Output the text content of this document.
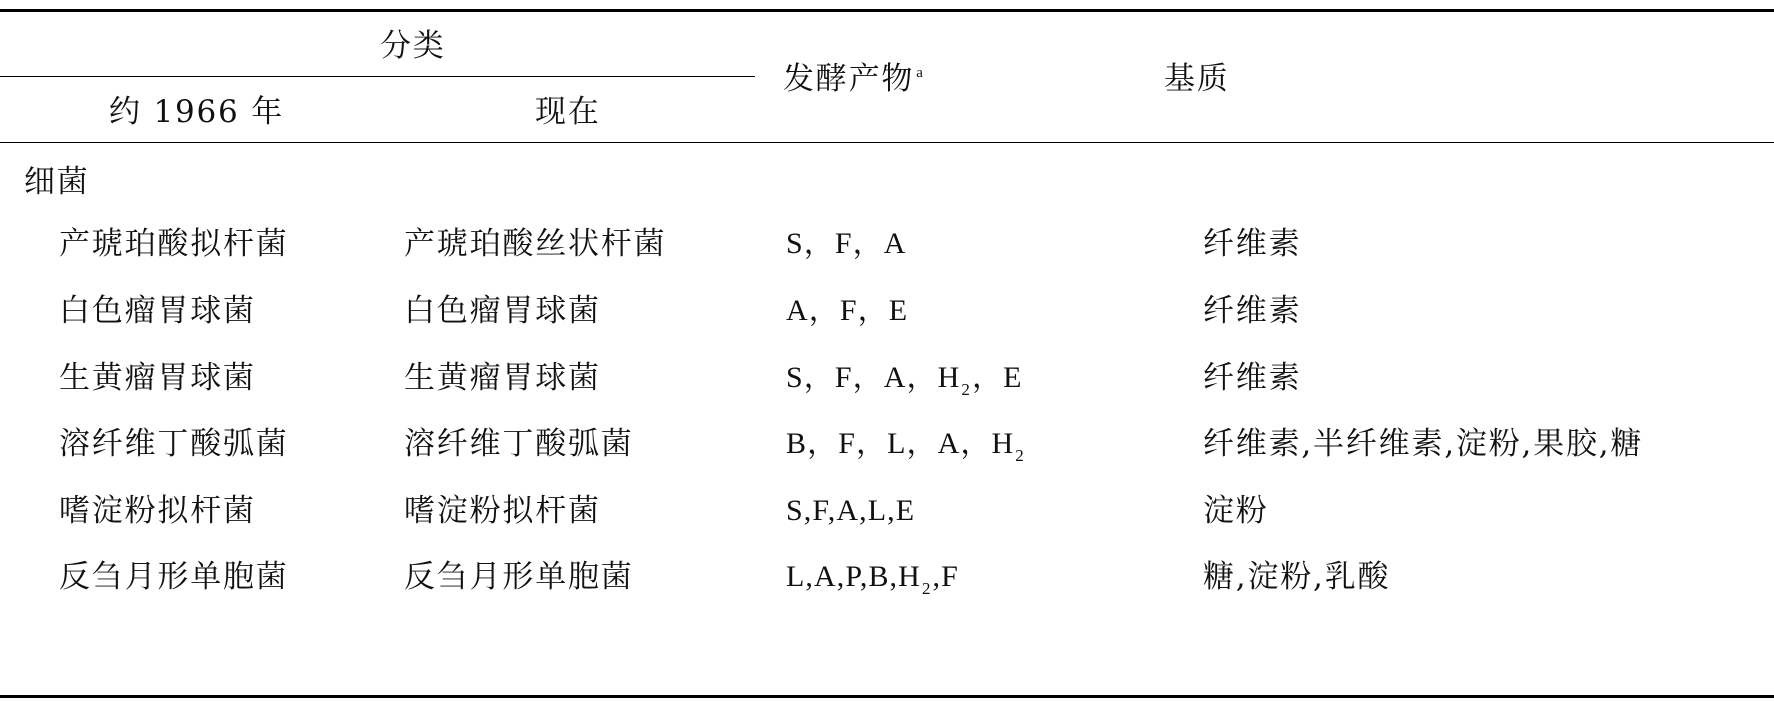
分类
约 1966 年	现在
发酵产物 $^a$	基质
细菌
产琥珀酸拟杆菌	产琥珀酸丝状杆菌	S，F，A	纤维素
白色瘤胃球菌	白色瘤胃球菌	A，F，E	纤维素
生黄瘤胃球菌	生黄瘤胃球菌	S，F，A，$H_2$，E	纤维素
溶纤维丁酸弧菌	溶纤维丁酸弧菌	B，F，L，A，$H_2$	纤维素,半纤维素,淀粉,果胶,糖
嗜淀粉拟杆菌	嗜淀粉拟杆菌	S,F,A,L,E	淀粉
反刍月形单胞菌	反刍月形单胞菌	$L,A,P,B,H_2,F$	糖,淀粉,乳酸
